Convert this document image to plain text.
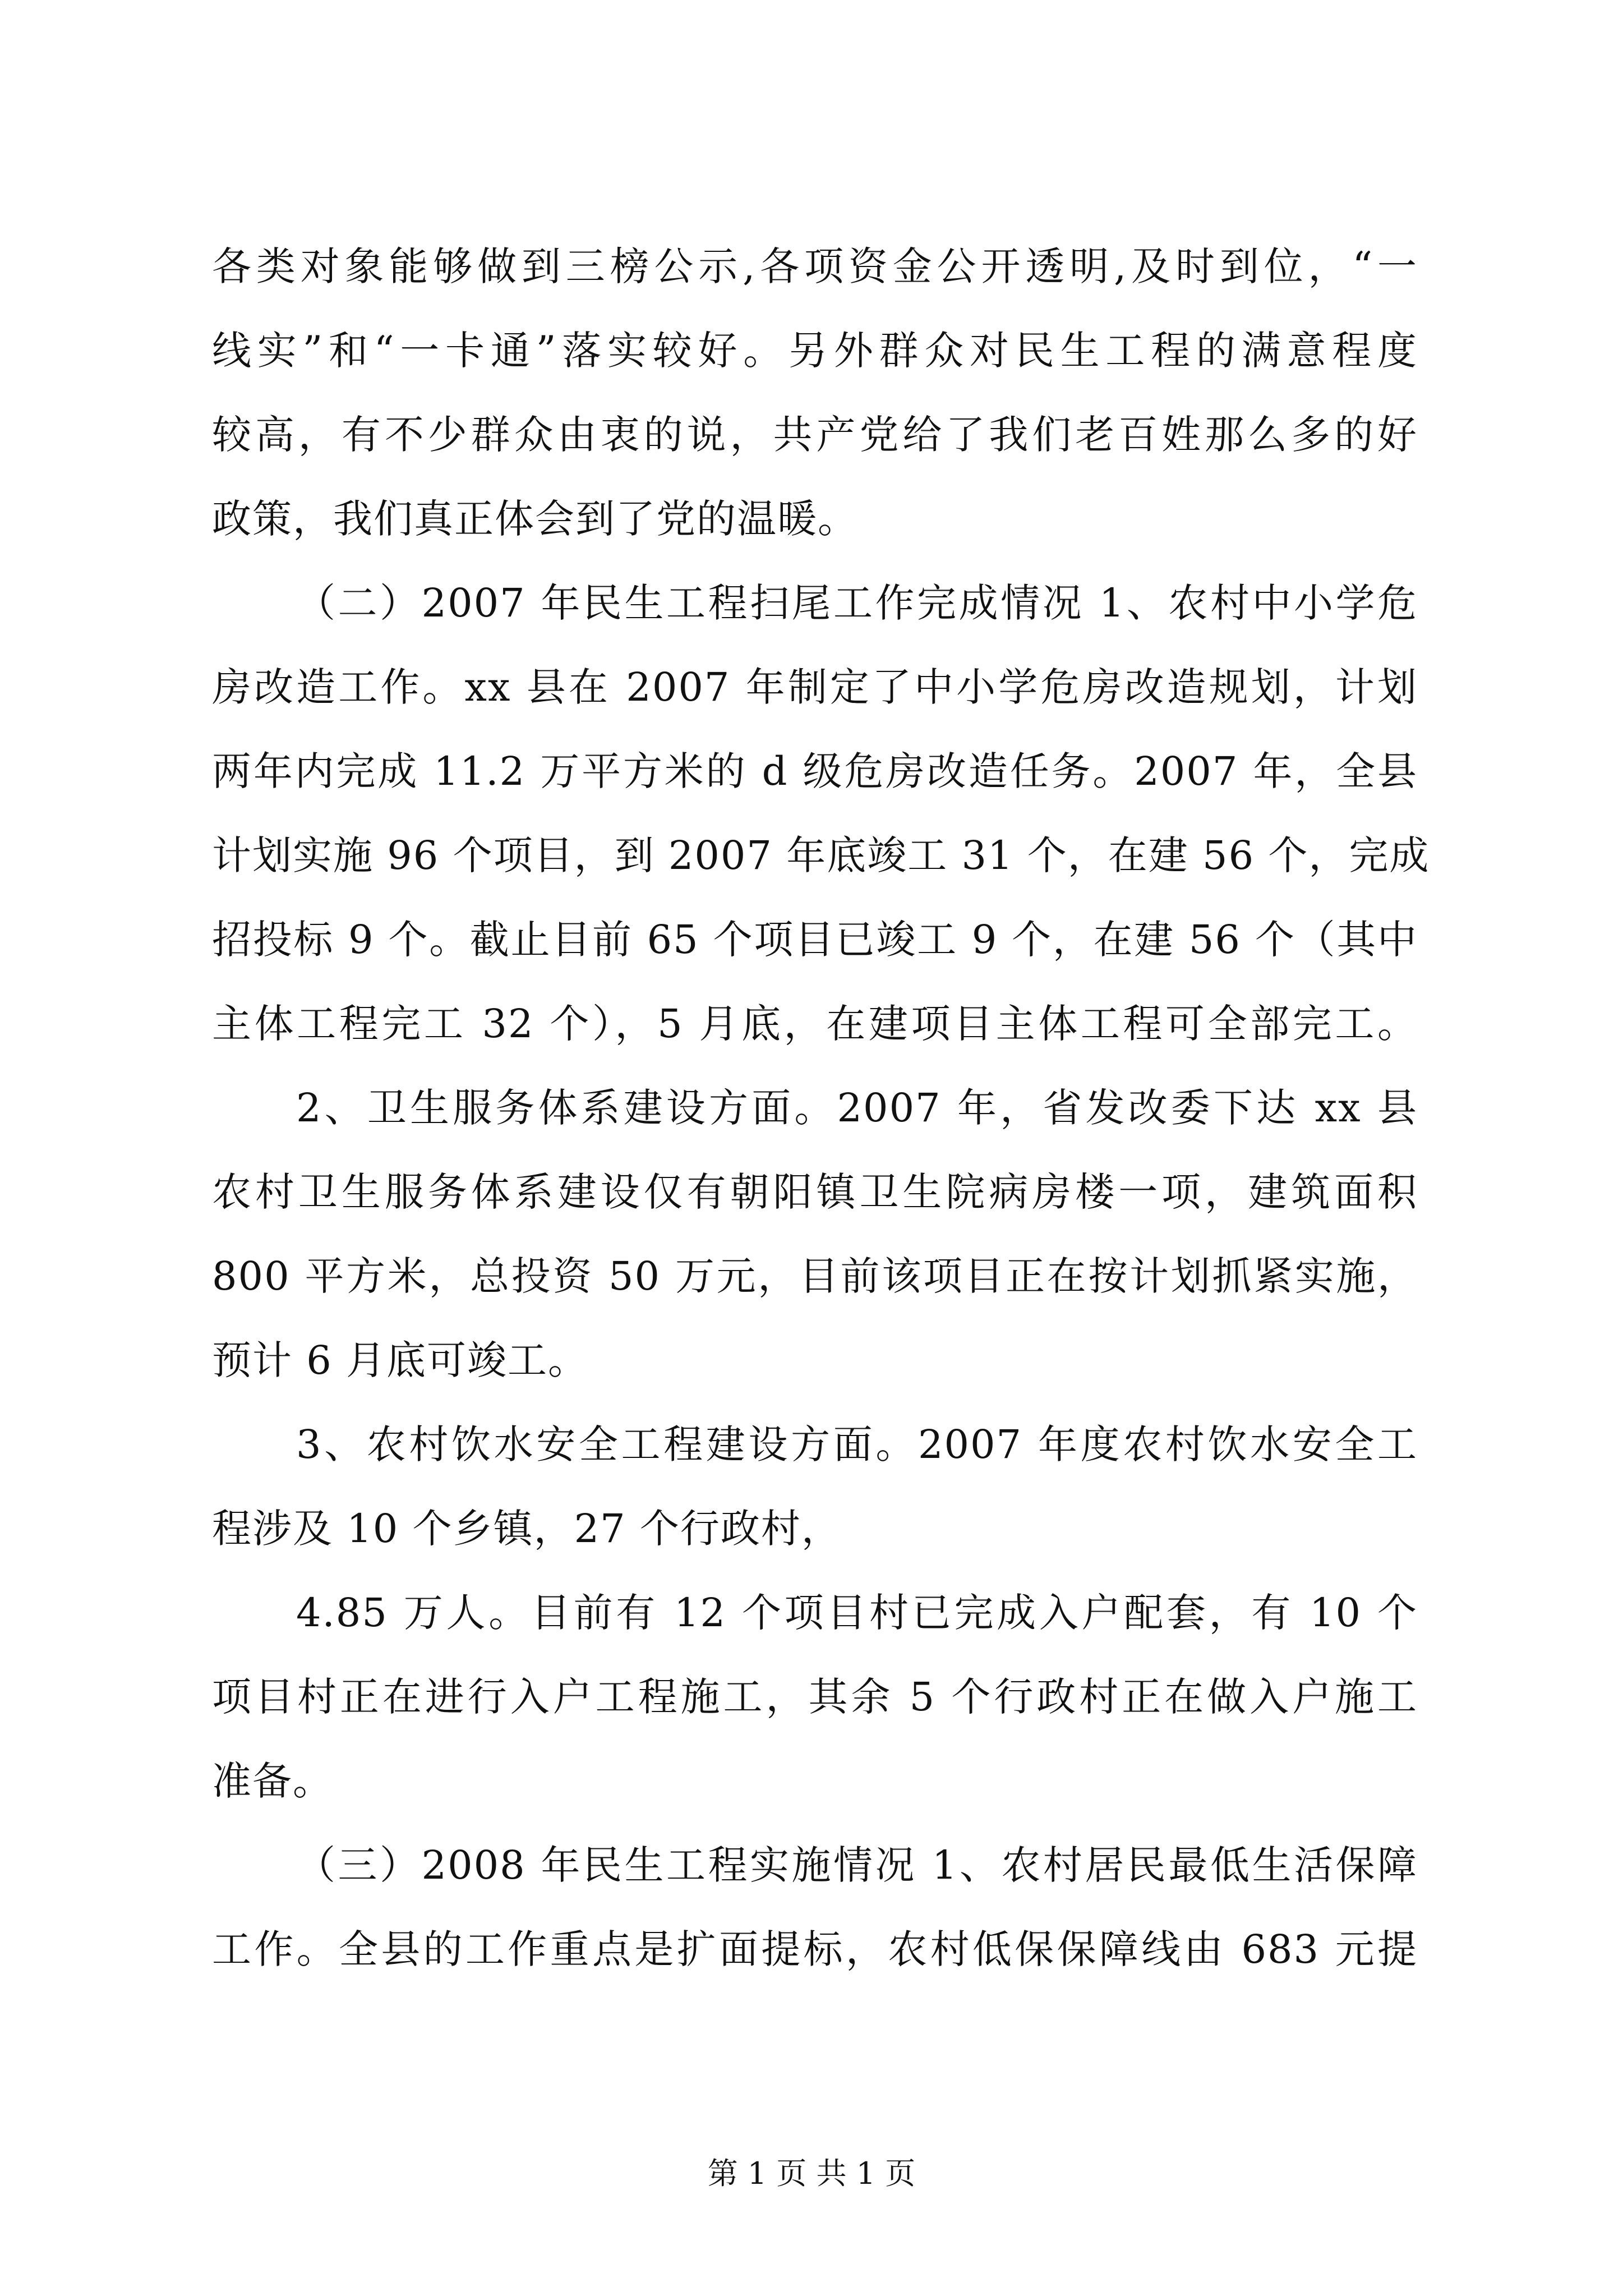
各类对象能够做到三榜公示,各项资金公开透明,及时到位，“一
线实”和“一卡通”落实较好。另外群众对民生工程的满意程度
较高，有不少群众由衷的说，共产党给了我们老百姓那么多的好
政策，我们真正体会到了党的温暖。
（二）2007 年民生工程扫尾工作完成情况 1、农村中小学危
房改造工作。xx 县在 2007 年制定了中小学危房改造规划，计划
两年内完成 11.2 万平方米的 d 级危房改造任务。2007 年，全县
计划实施 96 个项目，到 2007 年底竣工 31 个，在建 56 个，完成
招投标 9 个。截止目前 65 个项目已竣工 9 个，在建 56 个（其中
主体工程完工 32 个），5 月底，在建项目主体工程可全部完工。
2、卫生服务体系建设方面。2007 年，省发改委下达 xx 县
农村卫生服务体系建设仅有朝阳镇卫生院病房楼一项，建筑面积
800 平方米，总投资 50 万元，目前该项目正在按计划抓紧实施，
预计 6 月底可竣工。
3、农村饮水安全工程建设方面。2007 年度农村饮水安全工
程涉及 10 个乡镇，27 个行政村，
4.85 万人。目前有 12 个项目村已完成入户配套，有 10 个
项目村正在进行入户工程施工，其余 5 个行政村正在做入户施工
准备。
（三）2008 年民生工程实施情况 1、农村居民最低生活保障
工作。全县的工作重点是扩面提标，农村低保保障线由 683 元提
第 1 页 共 1 页
